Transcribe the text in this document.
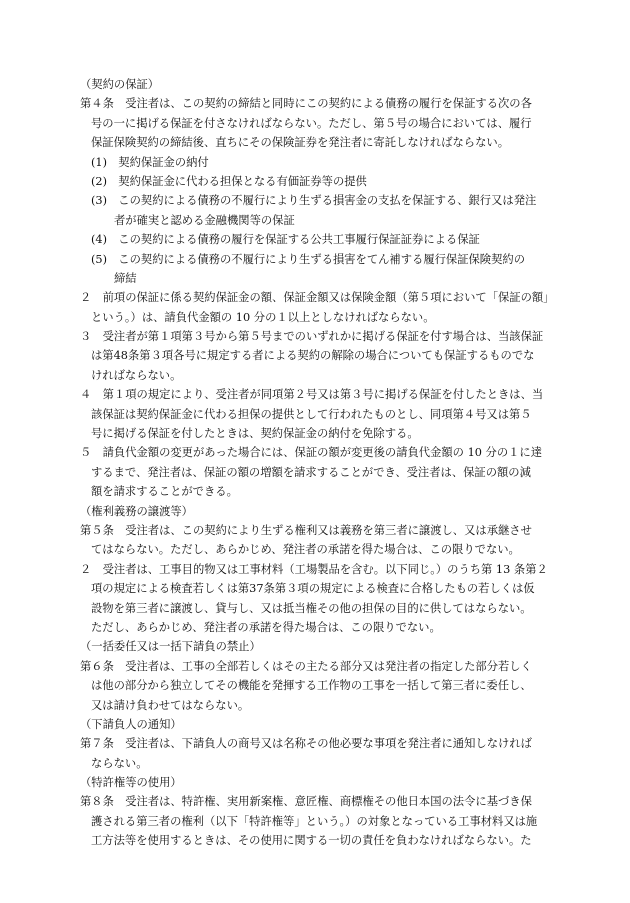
（契約の保証）
第４条　受注者は、この契約の締結と同時にこの契約による債務の履行を保証する次の各
号の一に掲げる保証を付さなければならない。ただし、第５号の場合においては、履行
保証保険契約の締結後、直ちにその保険証券を発注者に寄託しなければならない。
(1)　契約保証金の納付
(2)　契約保証金に代わる担保となる有価証券等の提供
(3)　この契約による債務の不履行により生ずる損害金の支払を保証する、銀行又は発注
者が確実と認める金融機関等の保証
(4)　この契約による債務の履行を保証する公共工事履行保証証券による保証
(5)　この契約による債務の不履行により生ずる損害をてん補する履行保証保険契約の
締結
２　前項の保証に係る契約保証金の額、保証金額又は保険金額（第５項において「保証の額」
という。）は、請負代金額の 10 分の１以上としなければならない。
３　受注者が第１項第３号から第５号までのいずれかに掲げる保証を付す場合は、当該保証
は第48条第３項各号に規定する者による契約の解除の場合についても保証するものでな
ければならない。
４　第１項の規定により、受注者が同項第２号又は第３号に掲げる保証を付したときは、当
該保証は契約保証金に代わる担保の提供として行われたものとし、同項第４号又は第５
号に掲げる保証を付したときは、契約保証金の納付を免除する。
５　請負代金額の変更があった場合には、保証の額が変更後の請負代金額の 10 分の１に達
するまで、発注者は、保証の額の増額を請求することができ、受注者は、保証の額の減
額を請求することができる。
（権利義務の譲渡等）
第５条　受注者は、この契約により生ずる権利又は義務を第三者に譲渡し、又は承継させ
てはならない。ただし、あらかじめ、発注者の承諾を得た場合は、この限りでない。
２　受注者は、工事目的物又は工事材料（工場製品を含む。以下同じ。）のうち第 13 条第２
項の規定による検査若しくは第37条第３項の規定による検査に合格したもの若しくは仮
設物を第三者に譲渡し、貸与し、又は抵当権その他の担保の目的に供してはならない。
ただし、あらかじめ、発注者の承諾を得た場合は、この限りでない。
（一括委任又は一括下請負の禁止）
第６条　受注者は、工事の全部若しくはその主たる部分又は発注者の指定した部分若しく
は他の部分から独立してその機能を発揮する工作物の工事を一括して第三者に委任し、
又は請け負わせてはならない。
（下請負人の通知）
第７条　受注者は、下請負人の商号又は名称その他必要な事項を発注者に通知しなければ
ならない。
（特許権等の使用）
第８条　受注者は、特許権、実用新案権、意匠権、商標権その他日本国の法令に基づき保
護される第三者の権利（以下「特許権等」という。）の対象となっている工事材料又は施
工方法等を使用するときは、その使用に関する一切の責任を負わなければならない。た
